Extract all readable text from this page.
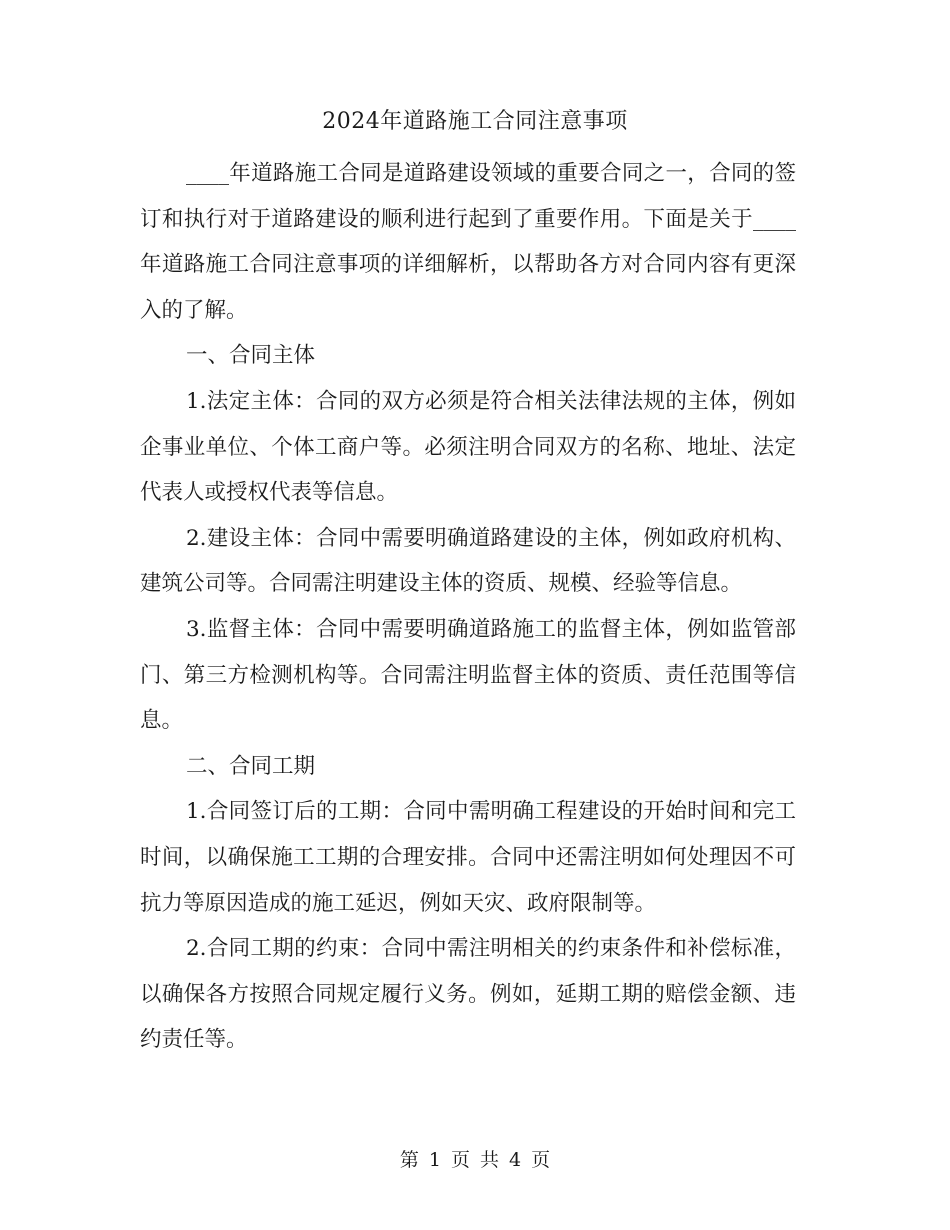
2024年道路施工合同注意事项

____年道路施工合同是道路建设领域的重要合同之一，合同的签订和执行对于道路建设的顺利进行起到了重要作用。下面是关于____年道路施工合同注意事项的详细解析，以帮助各方对合同内容有更深入的了解。

一、合同主体

1.法定主体：合同的双方必须是符合相关法律法规的主体，例如企事业单位、个体工商户等。必须注明合同双方的名称、地址、法定代表人或授权代表等信息。

2.建设主体：合同中需要明确道路建设的主体，例如政府机构、建筑公司等。合同需注明建设主体的资质、规模、经验等信息。

3.监督主体：合同中需要明确道路施工的监督主体，例如监管部门、第三方检测机构等。合同需注明监督主体的资质、责任范围等信息。

二、合同工期

1.合同签订后的工期：合同中需明确工程建设的开始时间和完工时间，以确保施工工期的合理安排。合同中还需注明如何处理因不可抗力等原因造成的施工延迟，例如天灾、政府限制等。

2.合同工期的约束：合同中需注明相关的约束条件和补偿标准，以确保各方按照合同规定履行义务。例如，延期工期的赔偿金额、违约责任等。

第 1 页 共 4 页
